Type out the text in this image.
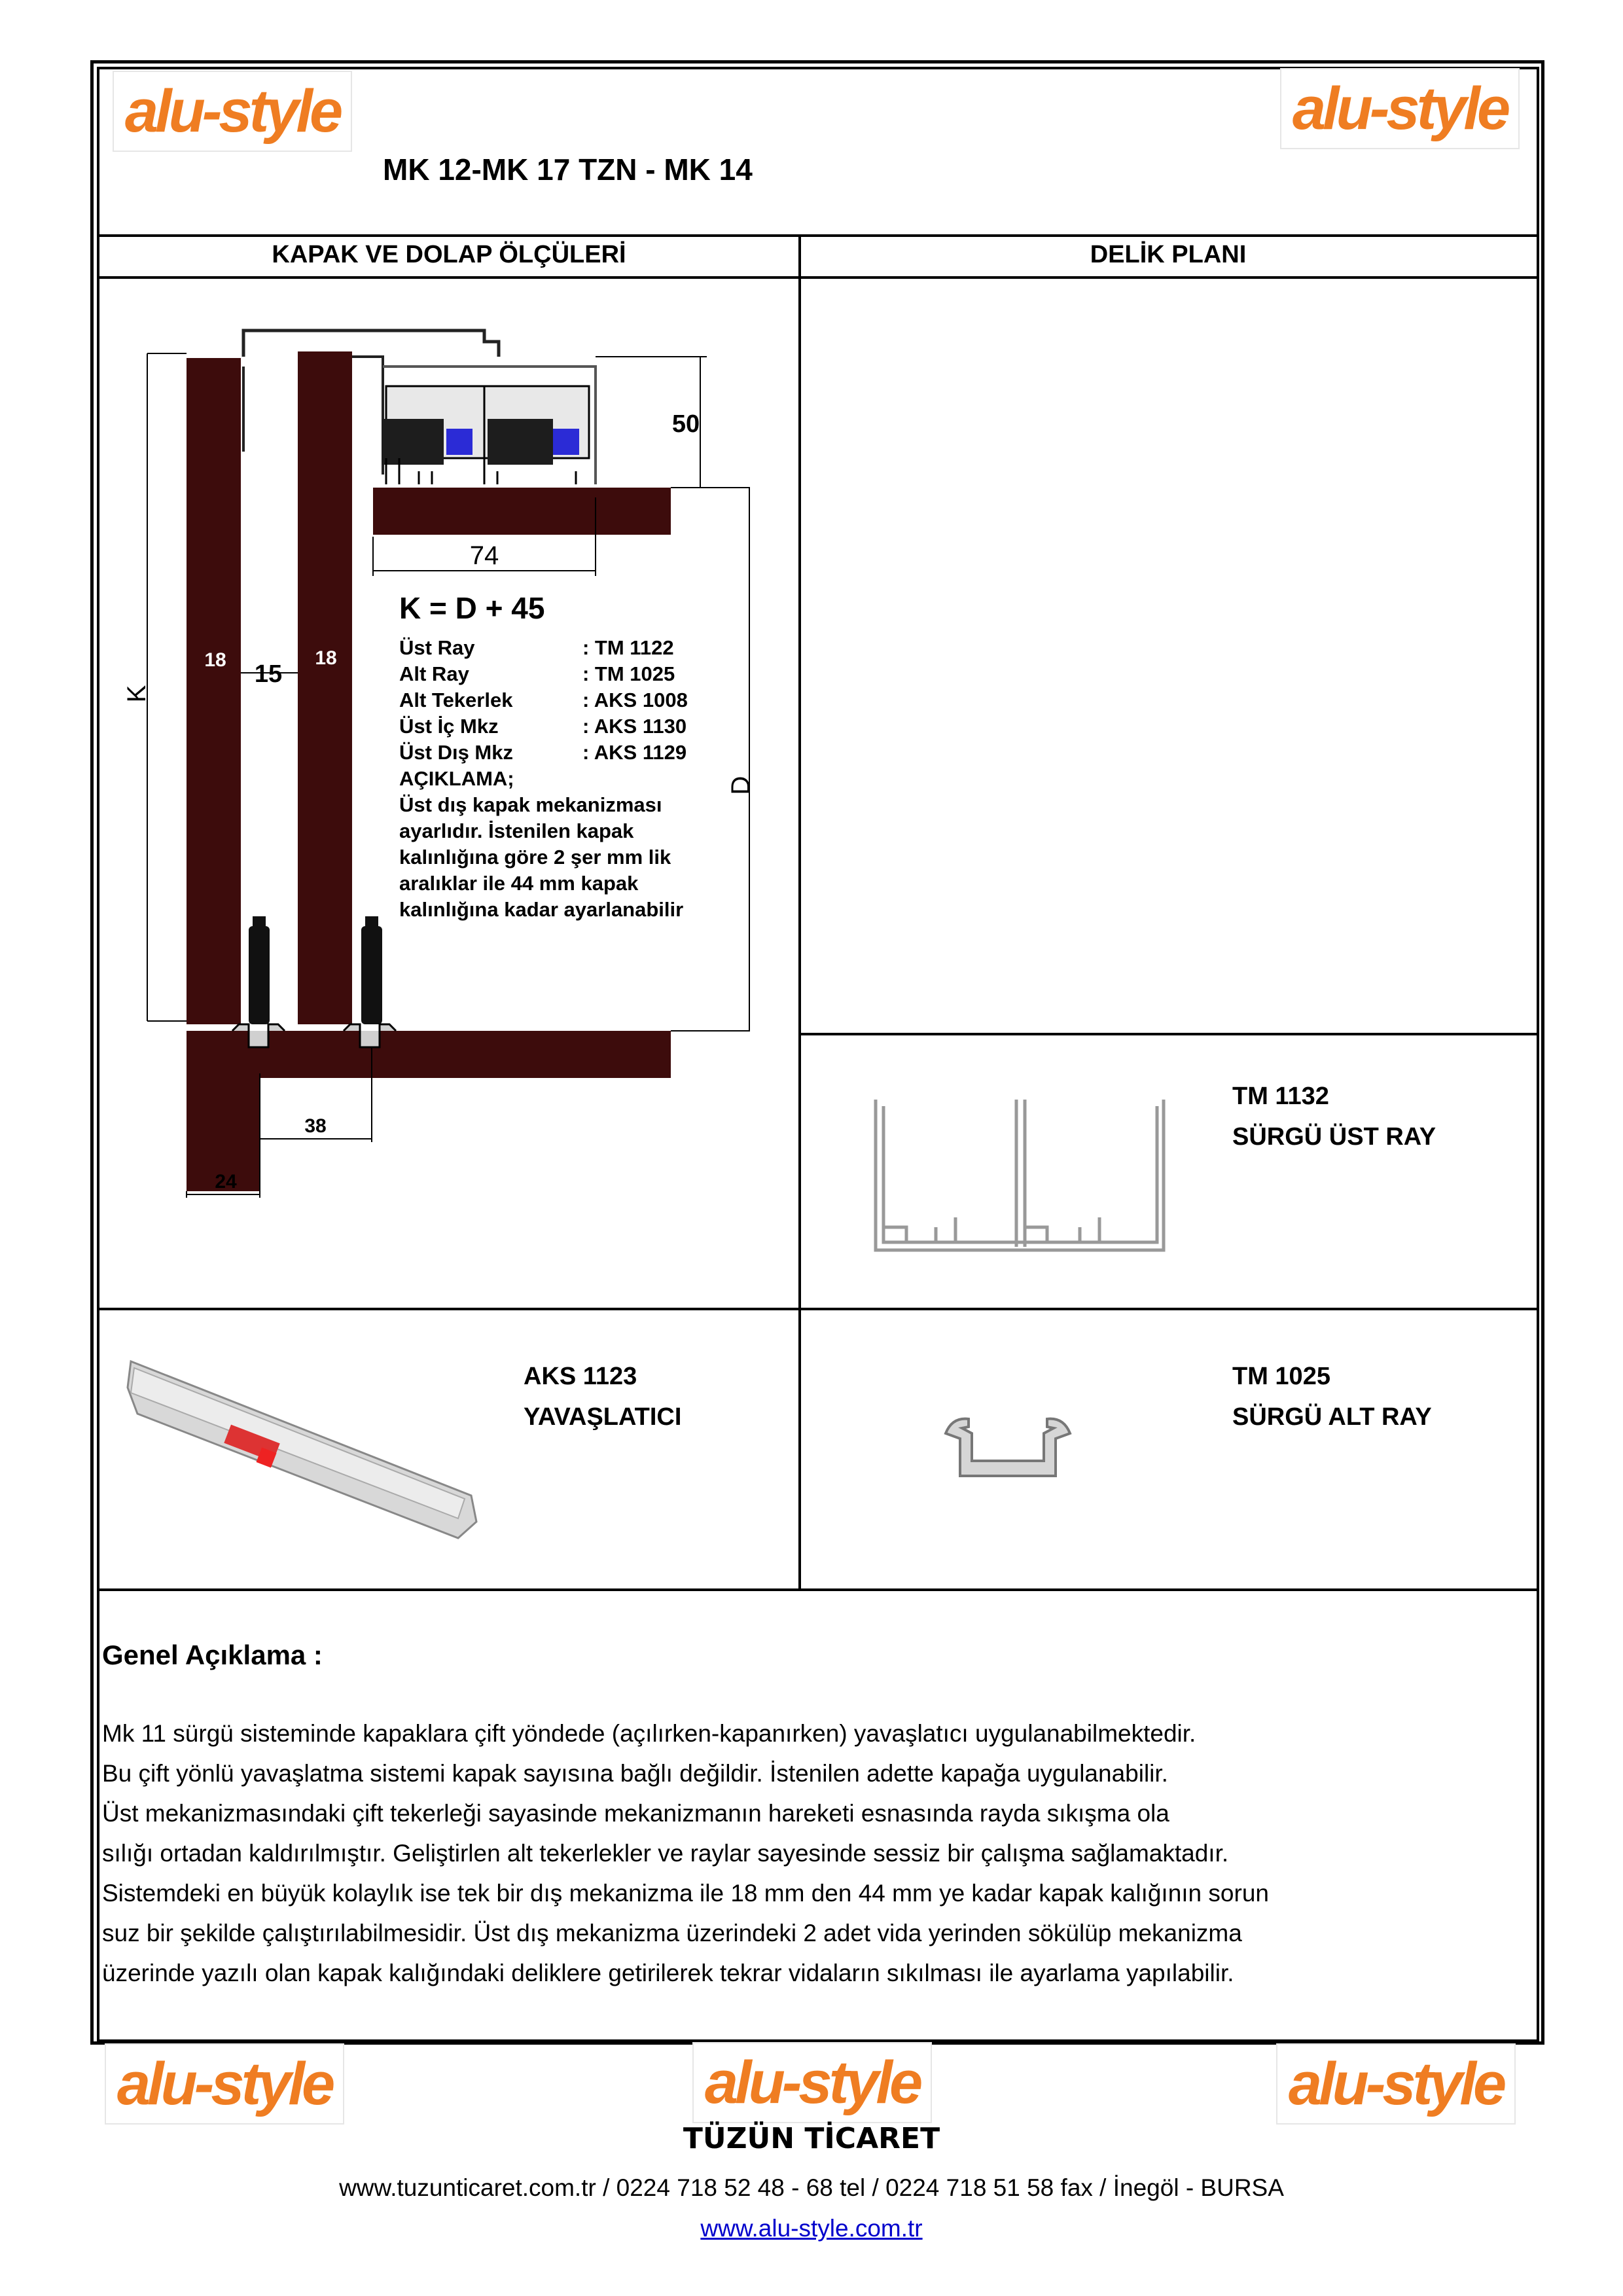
alu-style	alu-style
MK 12-MK 17 TZN - MK 14
KAPAK VE DOLAP ÖLÇÜLERİ	DELİK PLANI
K
18	18
15
50
74
D
K = D + 45
Üst Ray	: TM 1122
Alt Ray	: TM 1025
Alt Tekerlek	: AKS 1008
Üst İç Mkz	: AKS 1130
Üst Dış Mkz	: AKS 1129
AÇIKLAMA;
Üst dış kapak mekanizması
ayarlıdır. İstenilen kapak
kalınlığına göre 2 şer mm lik
aralıklar ile 44 mm kapak
kalınlığına kadar ayarlanabilir
38
24
TM 1132
SÜRGÜ ÜST RAY
AKS 1123
YAVAŞLATICI
TM 1025
SÜRGÜ ALT RAY
Genel Açıklama :
Mk 11 sürgü sisteminde kapaklara çift yöndede (açılırken-kapanırken) yavaşlatıcı uygulanabilmektedir.
Bu çift yönlü yavaşlatma sistemi kapak sayısına bağlı değildir. İstenilen adette kapağa uygulanabilir.
Üst mekanizmasındaki çift tekerleği sayasinde mekanizmanın hareketi esnasında rayda sıkışma ola
sılığı ortadan kaldırılmıştır. Geliştirlen alt tekerlekler ve raylar sayesinde sessiz bir çalışma sağlamaktadır.
Sistemdeki en büyük kolaylık ise tek bir dış mekanizma ile 18 mm den 44 mm ye kadar kapak kalığının sorun
suz bir şekilde çalıştırılabilmesidir. Üst dış mekanizma üzerindeki 2 adet vida yerinden sökülüp mekanizma
üzerinde yazılı olan kapak kalığındaki deliklere getirilerek tekrar vidaların sıkılması ile ayarlama yapılabilir.
alu-style	alu-style	alu-style
TÜZÜN TİCARET
www.tuzunticaret.com.tr / 0224 718 52 48 - 68 tel / 0224 718 51 58 fax / İnegöl - BURSA
www.alu-style.com.tr
